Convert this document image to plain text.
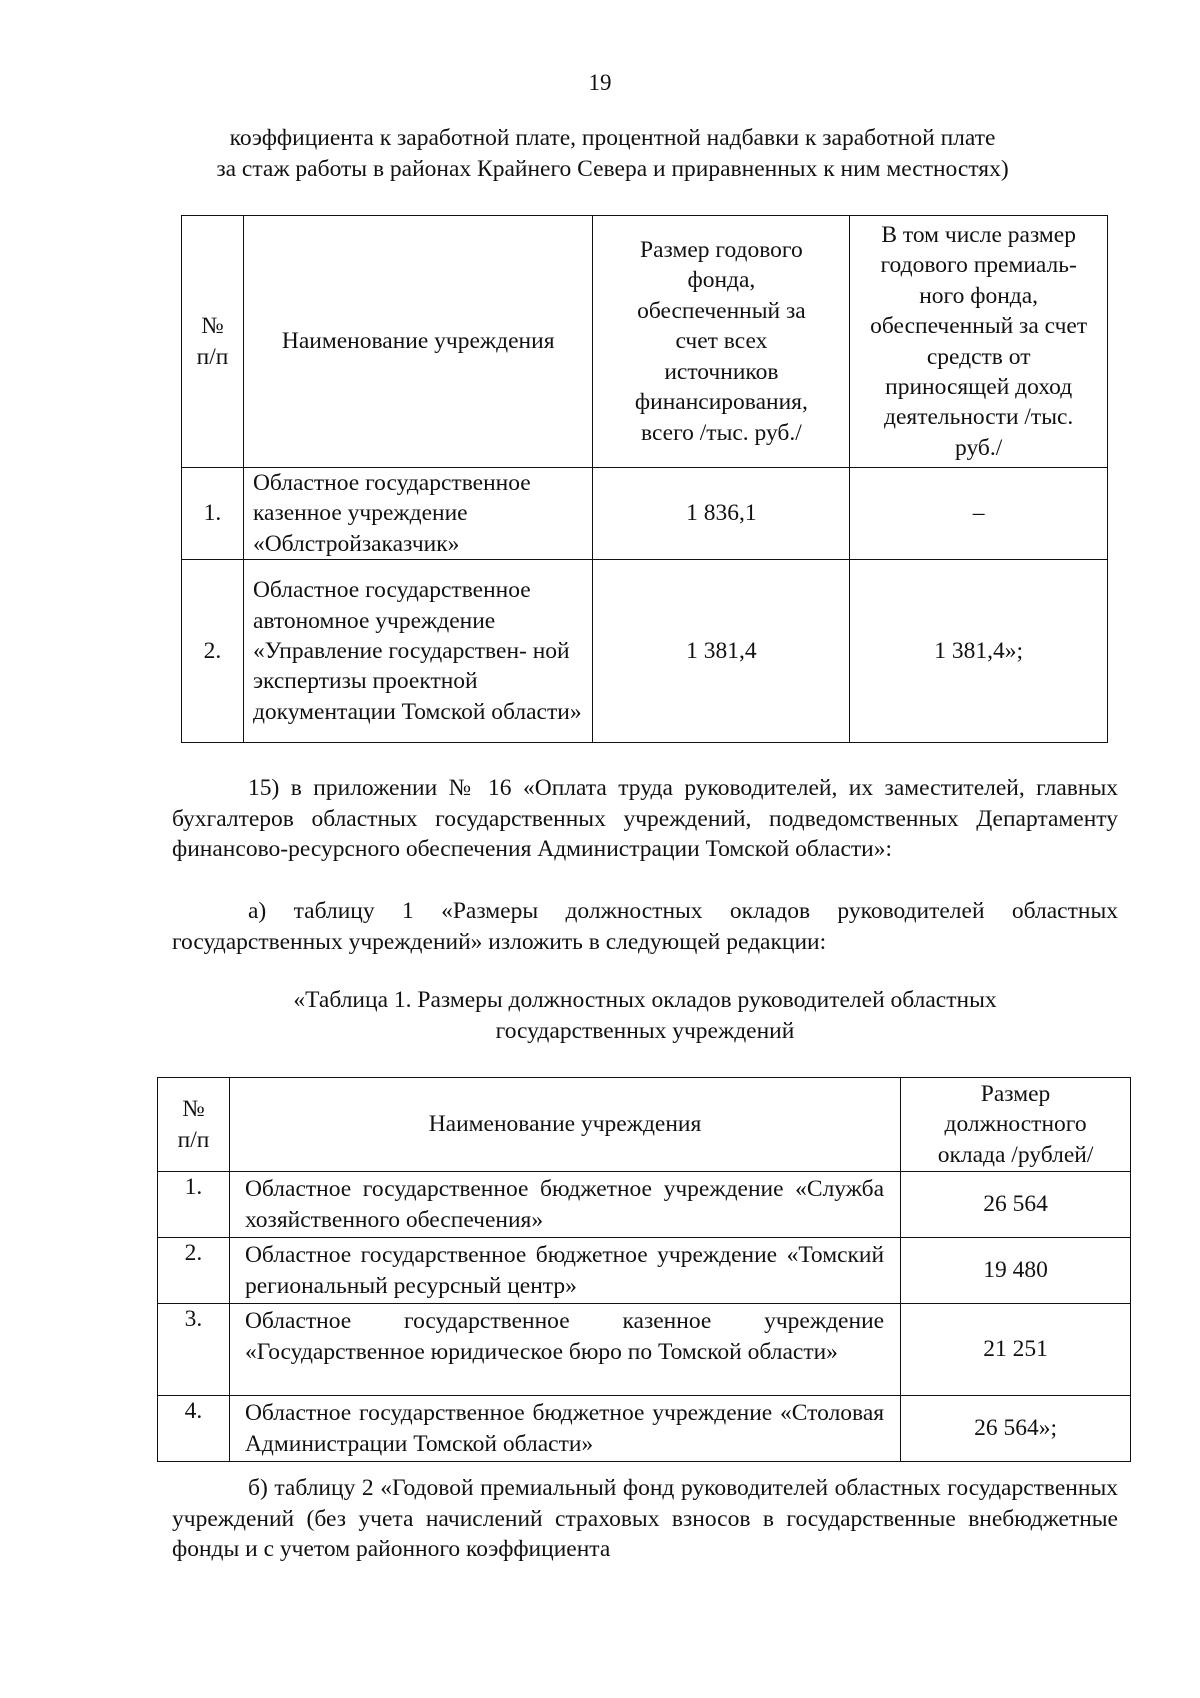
19
коэффициента к заработной плате, процентной надбавки к заработной плате
за стаж работы в районах Крайнего Севера и приравненных к ним местностях)
№ п/п	Наименование учреждения	Размер годового фонда, обеспеченный за счет всех источников финансирования, всего /тыс. руб./	В том числе размер годового премиаль- ного фонда, обеспеченный за счет средств от приносящей доход деятельности /тыс. руб./
1.	Областное государственное казенное учреждение «Облстройзаказчик»	1 836,1	–
2.	Областное государственное автономное учреждение «Управление государствен- ной экспертизы проектной документации Томской области»	1 381,4	1 381,4»;
15) в приложении № 16 «Оплата труда руководителей, их заместителей, главных бухгалтеров областных государственных учреждений, подведомственных Департаменту финансово-ресурсного обеспечения Администрации Томской области»:
а) таблицу 1 «Размеры должностных окладов руководителей областных государственных учреждений» изложить в следующей редакции:
«Таблица 1. Размеры должностных окладов руководителей областных
государственных учреждений
№ п/п	Наименование учреждения	Размер должностного оклада /рублей/
1.	Областное государственное бюджетное учреждение «Служба хозяйственного обеспечения»	26 564
2.	Областное государственное бюджетное учреждение «Томский региональный ресурсный центр»	19 480
3.	Областное государственное казенное учреждение «Государственное юридическое бюро по Томской области»	21 251
4.	Областное государственное бюджетное учреждение «Столовая Администрации Томской области»	26 564»;
б) таблицу 2 «Годовой премиальный фонд руководителей областных государственных учреждений (без учета начислений страховых взносов в государственные внебюджетные фонды и с учетом районного коэффициента
